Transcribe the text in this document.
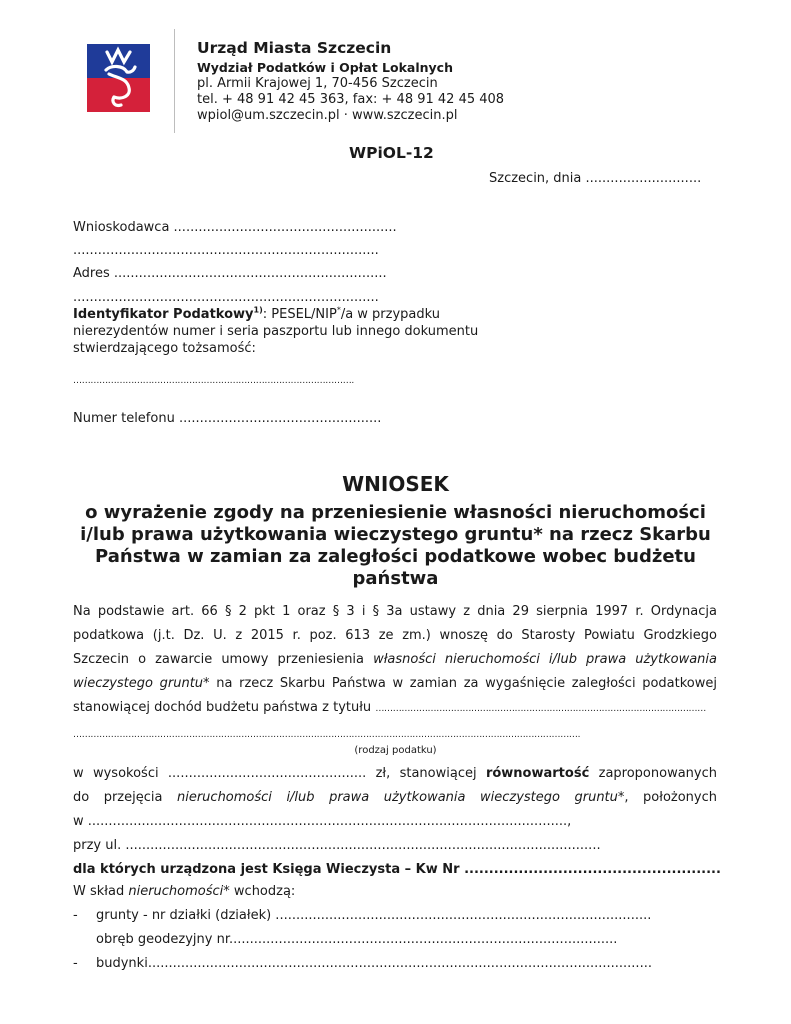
Urząd Miasta Szczecin
Wydział Podatków i Opłat Lokalnych
pl. Armii Krajowej 1, 70-456 Szczecin
tel. + 48 91 42 45 363, fax: + 48 91 42 45 408
wpiol@um.szczecin.pl · www.szczecin.pl
WPiOL-12
Szczecin, dnia ............................
Wnioskodawca ......................................................
..........................................................................
Adres ..................................................................
..........................................................................
Identyfikator Podatkowy$^{1)}$: PESEL/NIP*/a w przypadku nierezydentów numer i seria paszportu lub innego dokumentu stwierdzającego tożsamość:
…………………………………………………………………………………….
Numer telefonu .................................................
WNIOSEK
o wyrażenie zgody na przeniesienie własności nieruchomości i/lub prawa użytkowania wieczystego gruntu* na rzecz Skarbu Państwa w zamian za zaległości podatkowe wobec budżetu państwa
Na podstawie art. 66 § 2 pkt 1 oraz § 3 i § 3a ustawy z dnia 29 sierpnia 1997 r. Ordynacja
podatkowa (j.t. Dz. U. z 2015 r. poz. 613 ze zm.) wnoszę do Starosty Powiatu Grodzkiego
Szczecin o zawarcie umowy przeniesienia własności nieruchomości i/lub prawa użytkowania
wieczystego gruntu* na rzecz Skarbu Państwa w zamian za wygaśnięcie zaległości podatkowej
stanowiącej dochód budżetu państwa z tytułu ……………………………………………………………………………………………………
………………………………………………………………………………………………………………………………………………………….
(rodzaj podatku)
w wysokości ................................................ zł, stanowiącej równowartość zaproponowanych
do przejęcia nieruchomości i/lub prawa użytkowania wieczystego gruntu*, położonych
w ....................................................................................................................,
przy ul. ...................................................................................................................
dla których urządzona jest Księga Wieczysta – Kw Nr ....................................................
W skład nieruchomości* wchodzą:
- grunty - nr działki (działek) ...........................................................................................
obręb geodezyjny nr..............................................................................................
- budynki..........................................................................................................................
